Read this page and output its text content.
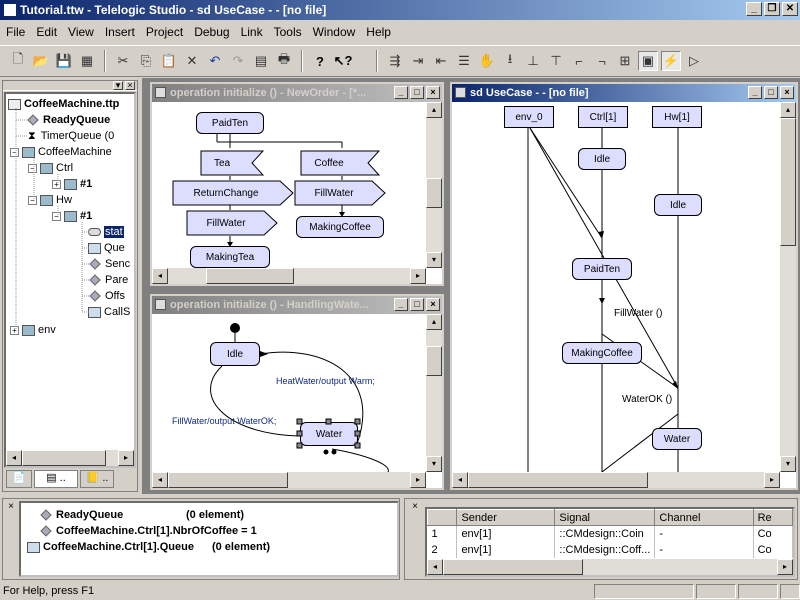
Tutorial.ttw - Telelogic Studio - sd UseCase - - [no file]	_	❐ ✕
File Edit View Insert Project Debug Link Tools Window Help
🗋 📂 💾 ▦	✂ ⎘ 📋 ✕ ↶ ↷ ▤ 🖶	? ↖?	⇶ ⇥ ⇤ ☰ ✋ ⭳	⊥ ⊤	⌐	¬	⊞ ▣ ⚡ ▷
▾ ×
CoffeeMachine.ttp
ReadyQueue
⧗ TimerQueue (0
− CoffeeMachine
− Ctrl
+ #1
− Hw
− #1
stat
Que
Senc
Pare
Offs
CallS
+ env
◂	▸
📄	▤ ..	📒 ..
operation initialize () - NewOrder - [*...	_	□	×
PaidTen
Tea	Coffee
ReturnChange	FillWater
FillWater	MakingCoffee
MakingTea
▴
▾
◂	▸
operation initialize () - HandlingWate...	_	□	×
Idle
HeatWater/output Warm;
FillWater/output WaterOK;
Water
▴
▾
◂	▸
sd UseCase - - [no file]	_	□	×
env_0	Ctrl[1]	Hw[1]
Idle
Idle
PaidTen
FillWater ()
MakingCoffee
WaterOK ()
Water
▴
▾
◂	▸
×
ReadyQueue	(0 element)
CoffeeMachine.Ctrl[1].NbrOfCoffee = 1
CoffeeMachine.Ctrl[1].Queue (0 element)
×
	Sender	Signal	Channel	Re
1	env[1]	::CMdesign::Coin	-	Co
2	env[1]	::CMdesign::Coff...	-	Co
◂	▸
For Help, press F1
